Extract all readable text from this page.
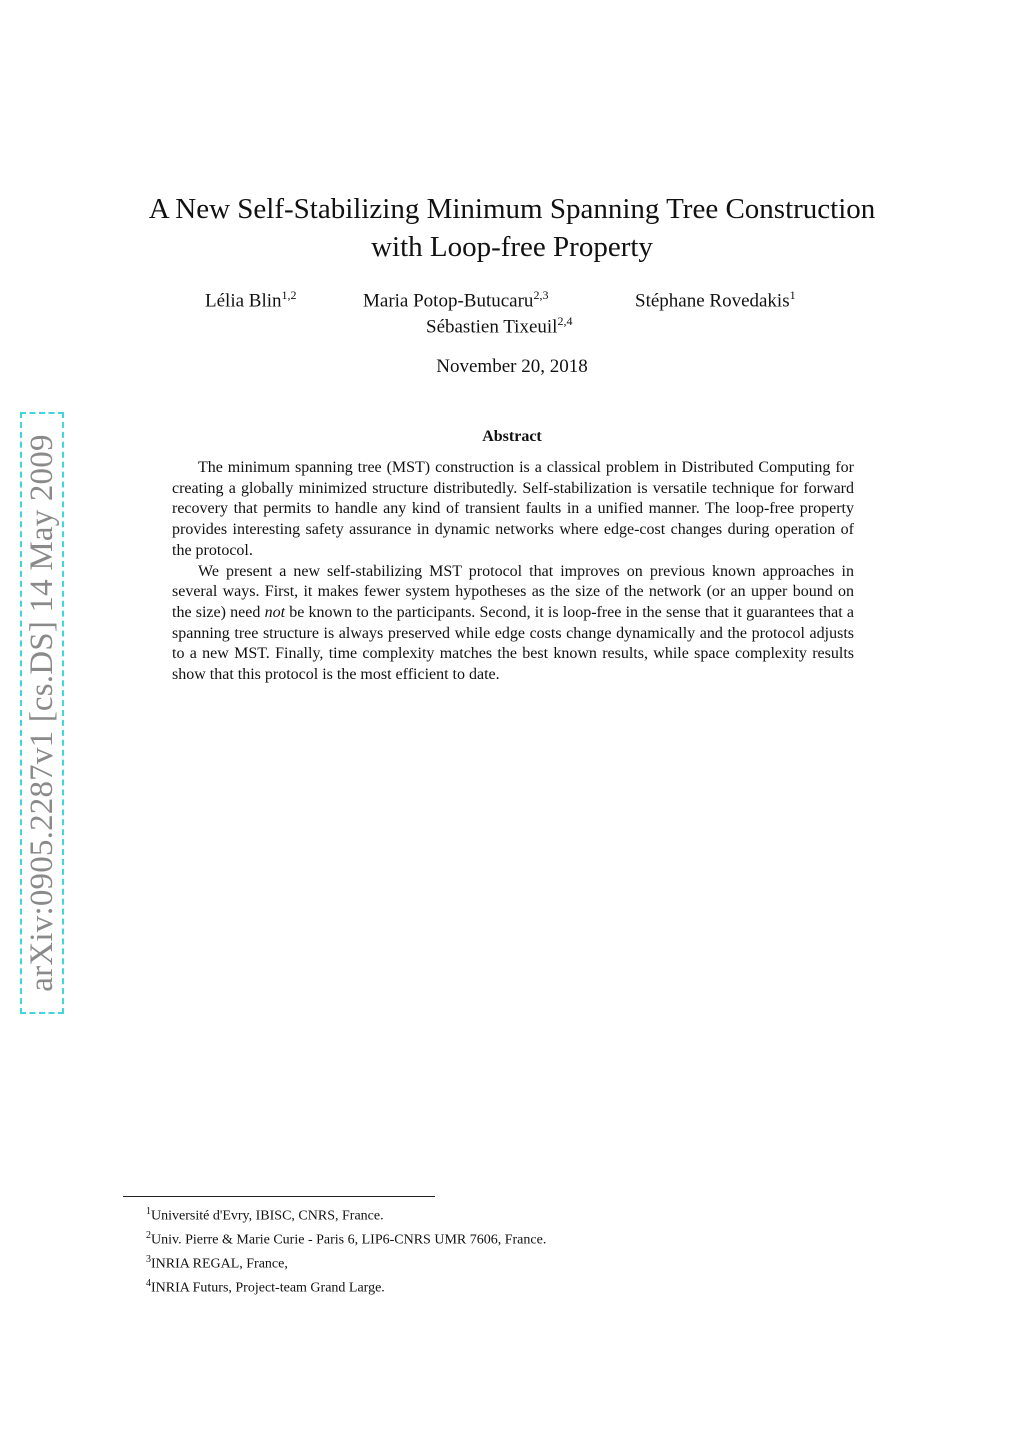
arXiv:0905.2287v1 [cs.DS] 14 May 2009
A New Self-Stabilizing Minimum Spanning Tree Construction
with Loop-free Property
Lélia Blin$^{1,2}$	Maria Potop-Butucaru$^{2,3}$	Stéphane Rovedakis$^1$
Sébastien Tixeuil$^{2,4}$
November 20, 2018
Abstract

The minimum spanning tree (MST) construction is a classical problem in Distributed Computing for creating a globally minimized structure distributedly. Self-stabilization is versatile technique for forward recovery that permits to handle any kind of transient faults in a unified manner. The loop-free property provides interesting safety assurance in dynamic networks where edge-cost changes during operation of the protocol.

We present a new self-stabilizing MST protocol that improves on previous known approaches in several ways. First, it makes fewer system hypotheses as the size of the network (or an upper bound on the size) need not be known to the participants. Second, it is loop-free in the sense that it guarantees that a spanning tree structure is always preserved while edge costs change dynamically and the protocol adjusts to a new MST. Finally, time complexity matches the best known results, while space complexity results show that this protocol is the most efficient to date.

$^1$Université d'Evry, IBISC, CNRS, France.
$^2$Univ. Pierre & Marie Curie - Paris 6, LIP6-CNRS UMR 7606, France.
$^3$INRIA REGAL, France,
$^4$INRIA Futurs, Project-team Grand Large.
